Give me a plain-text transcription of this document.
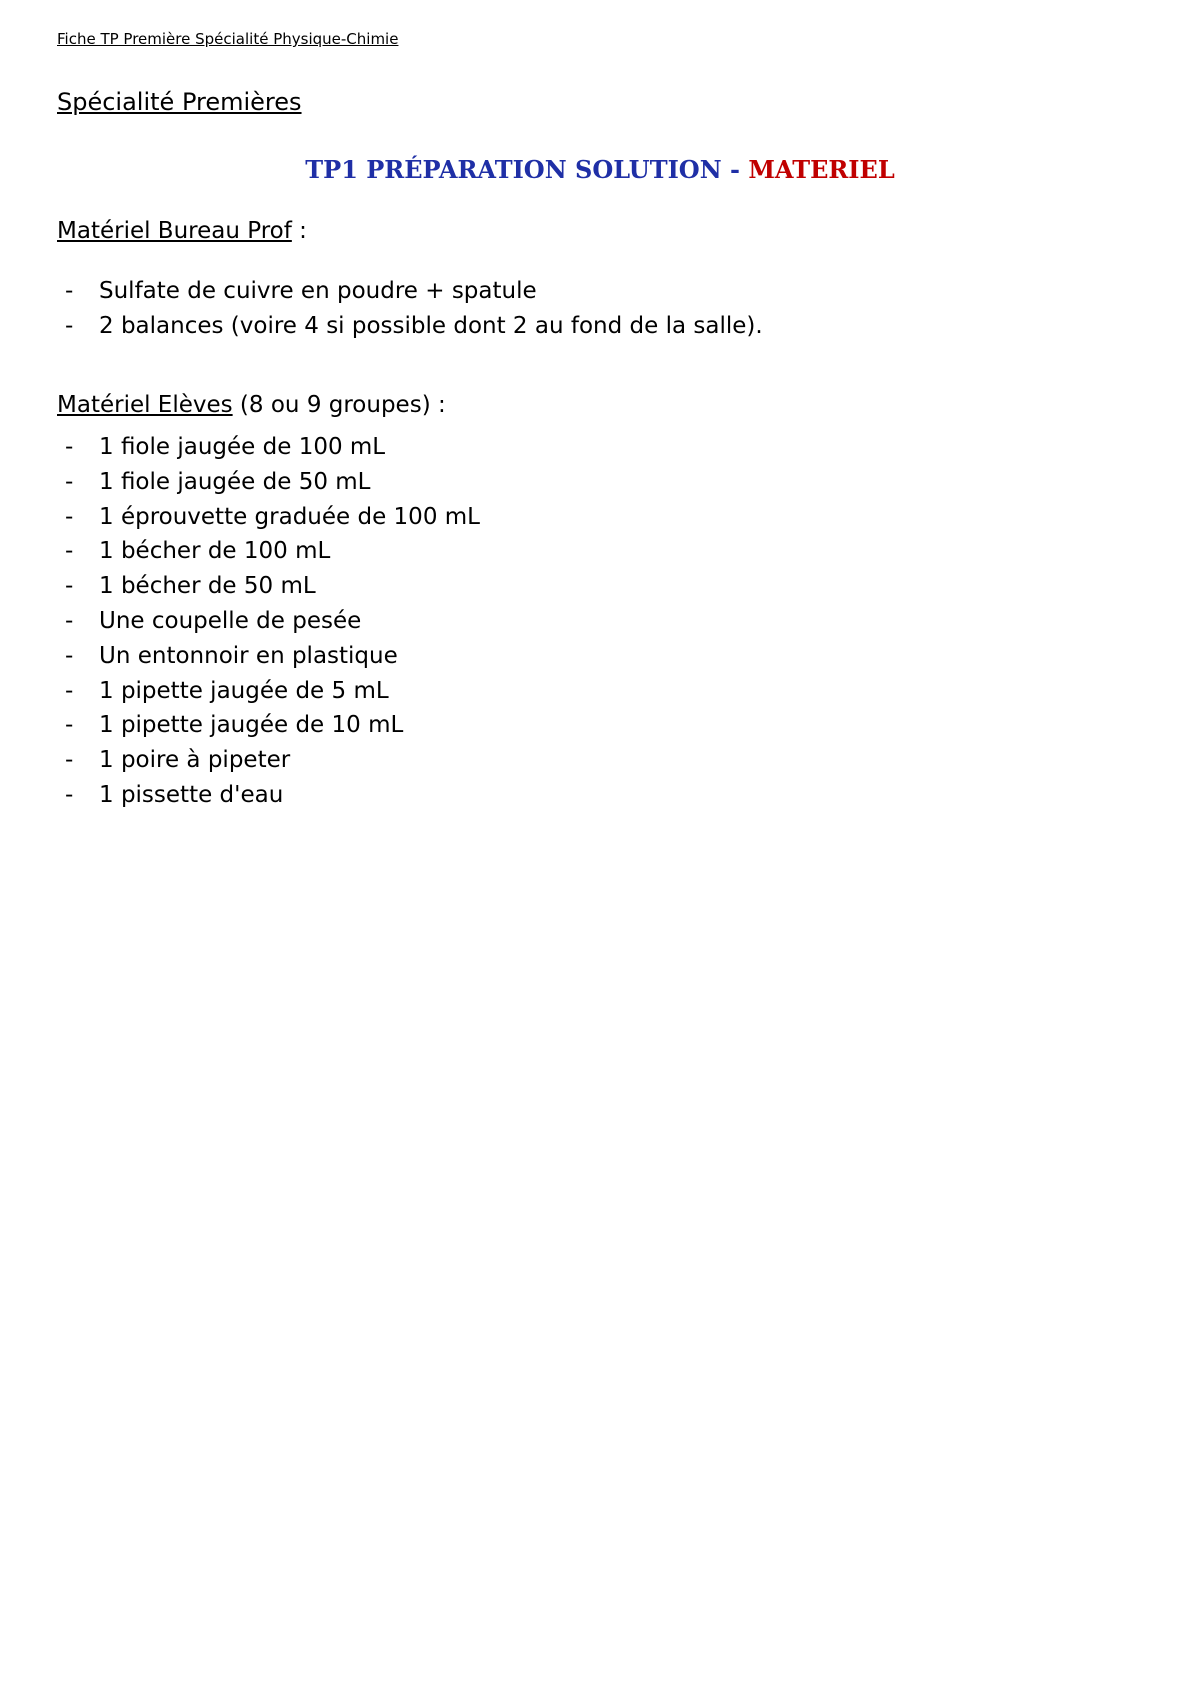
Fiche TP Première Spécialité Physique-Chimie
Spécialité Premières
TP1 PRÉPARATION SOLUTION - MATERIEL
Matériel Bureau Prof :
- Sulfate de cuivre en poudre + spatule
- 2 balances (voire 4 si possible dont 2 au fond de la salle).
Matériel Elèves (8 ou 9 groupes) :
- 1 fiole jaugée de 100 mL
- 1 fiole jaugée de 50 mL
- 1 éprouvette graduée de 100 mL
- 1 bécher de 100 mL
- 1 bécher de 50 mL
- Une coupelle de pesée
- Un entonnoir en plastique
- 1 pipette jaugée de 5 mL
- 1 pipette jaugée de 10 mL
- 1 poire à pipeter
- 1 pissette d'eau
